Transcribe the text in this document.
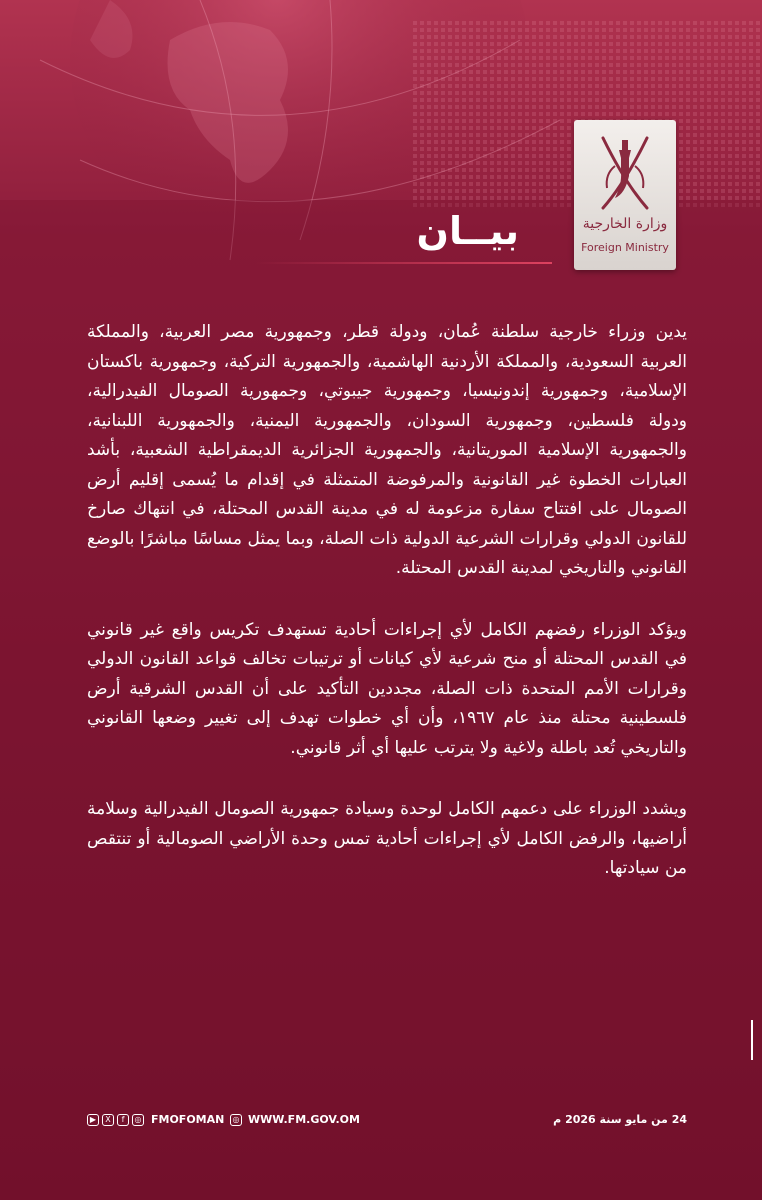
وزارة الخارجية
Foreign Ministry
بيــان

يدين وزراء خارجية سلطنة عُمان، ودولة قطر، وجمهورية مصر العربية، والمملكة العربية السعودية، والمملكة الأردنية الهاشمية، والجمهورية التركية، وجمهورية باكستان الإسلامية، وجمهورية إندونيسيا، وجمهورية جيبوتي، وجمهورية الصومال الفيدرالية، ودولة فلسطين، وجمهورية السودان، والجمهورية اليمنية، والجمهورية اللبنانية، والجمهورية الإسلامية الموريتانية، والجمهورية الجزائرية الديمقراطية الشعبية، بأشد العبارات الخطوة غير القانونية والمرفوضة المتمثلة في إقدام ما يُسمى إقليم أرض الصومال على افتتاح سفارة مزعومة له في مدينة القدس المحتلة، في انتهاك صارخ للقانون الدولي وقرارات الشرعية الدولية ذات الصلة، وبما يمثل مساسًا مباشرًا بالوضع القانوني والتاريخي لمدينة القدس المحتلة.

ويؤكد الوزراء رفضهم الكامل لأي إجراءات أحادية تستهدف تكريس واقع غير قانوني في القدس المحتلة أو منح شرعية لأي كيانات أو ترتيبات تخالف قواعد القانون الدولي وقرارات الأمم المتحدة ذات الصلة، مجددين التأكيد على أن القدس الشرقية أرض فلسطينية محتلة منذ عام ١٩٦٧، وأن أي خطوات تهدف إلى تغيير وضعها القانوني والتاريخي تُعد باطلة ولاغية ولا يترتب عليها أي أثر قانوني.

ويشدد الوزراء على دعمهم الكامل لوحدة وسيادة جمهورية الصومال الفيدرالية وسلامة أراضيها، والرفض الكامل لأي إجراءات أحادية تمس وحدة الأراضي الصومالية أو تنتقص من سيادتها.

▶	X	f	◎ FMOFOMAN	◎ WWW.FM.GOV.OM	24 من مايو سنة 2026 م
